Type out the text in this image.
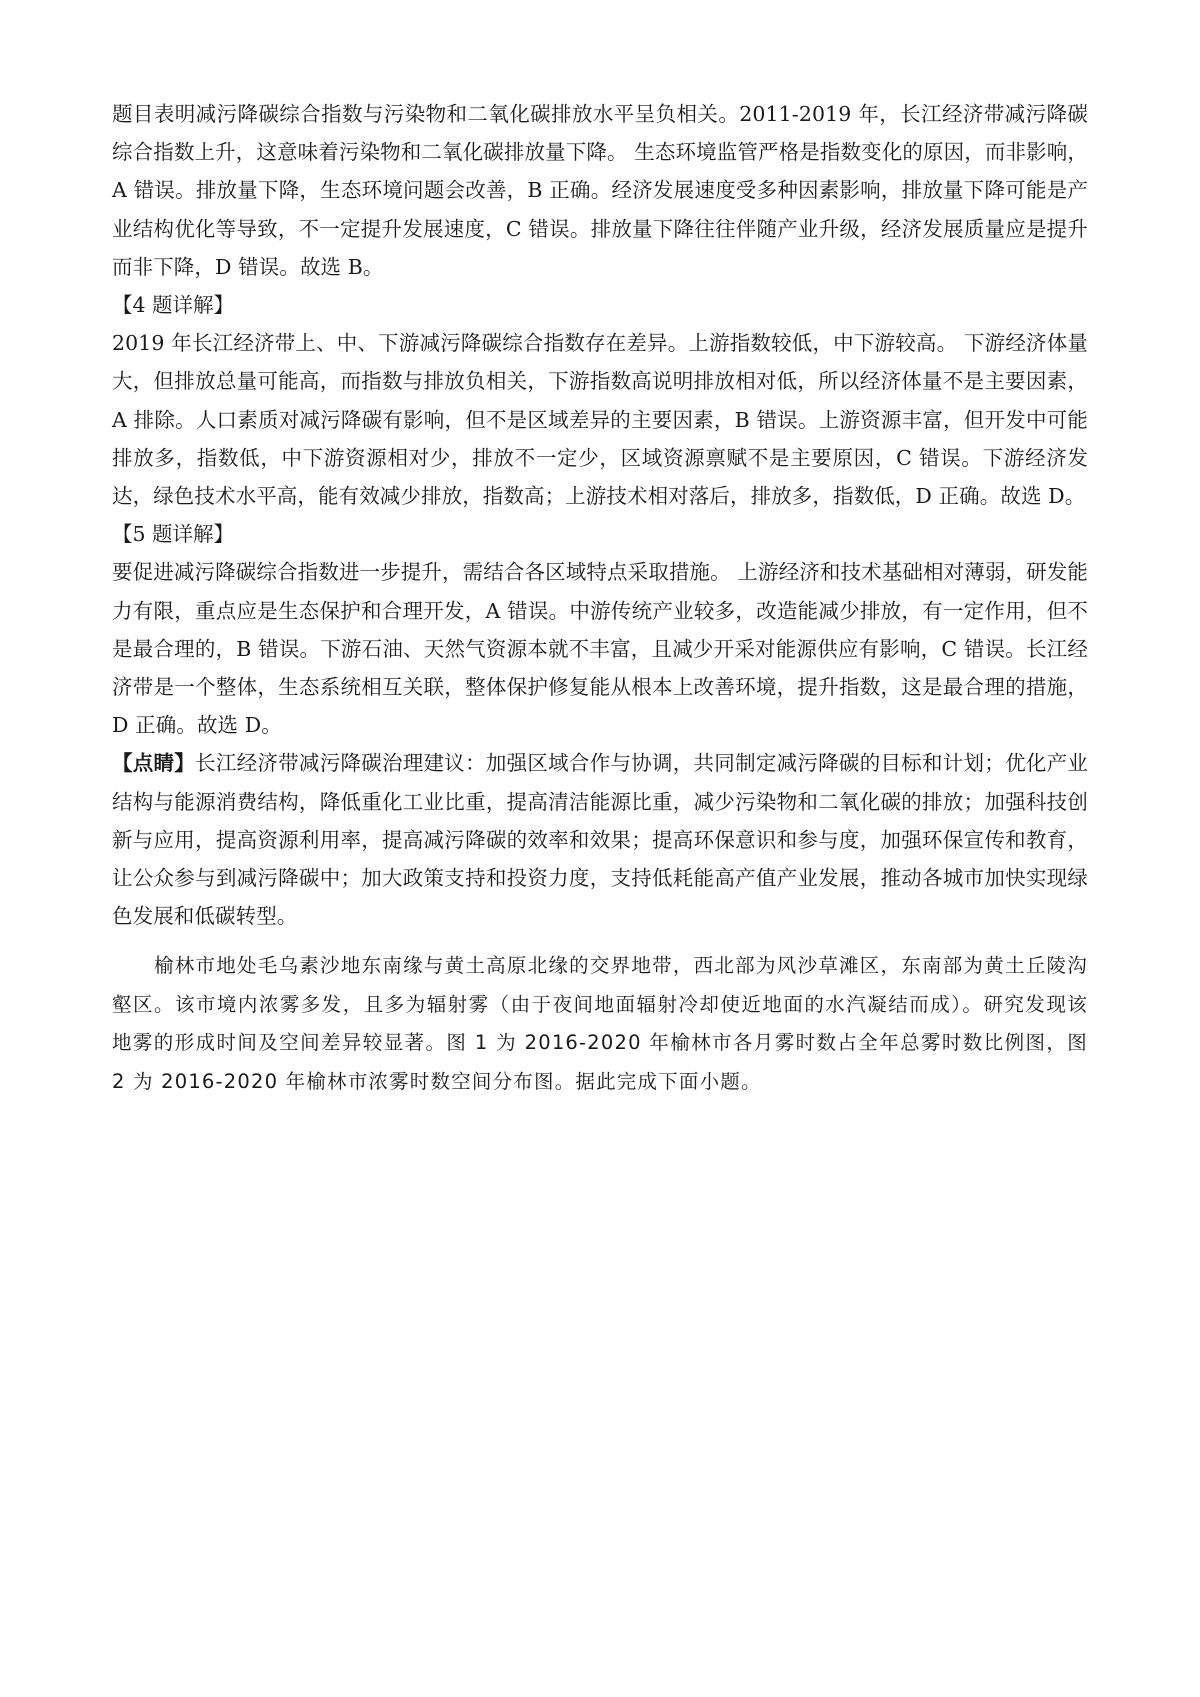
题目表明减污降碳综合指数与污染物和二氧化碳排放水平呈负相关。2011-2019 年，长江经济带减污降碳综合指数上升，这意味着污染物和二氧化碳排放量下降。 生态环境监管严格是指数变化的原因，而非影响，A 错误。排放量下降，生态环境问题会改善，B 正确。经济发展速度受多种因素影响，排放量下降可能是产业结构优化等导致，不一定提升发展速度，C 错误。排放量下降往往伴随产业升级，经济发展质量应是提升而非下降，D 错误。故选 B。

【4 题详解】

2019 年长江经济带上、中、下游减污降碳综合指数存在差异。上游指数较低，中下游较高。 下游经济体量大，但排放总量可能高，而指数与排放负相关，下游指数高说明排放相对低，所以经济体量不是主要因素，A 排除。人口素质对减污降碳有影响，但不是区域差异的主要因素，B 错误。上游资源丰富，但开发中可能排放多，指数低，中下游资源相对少，排放不一定少，区域资源禀赋不是主要原因，C 错误。下游经济发达，绿色技术水平高，能有效减少排放，指数高；上游技术相对落后，排放多，指数低，D 正确。故选 D。

【5 题详解】

要促进减污降碳综合指数进一步提升，需结合各区域特点采取措施。 上游经济和技术基础相对薄弱，研发能力有限，重点应是生态保护和合理开发，A 错误。中游传统产业较多，改造能减少排放，有一定作用，但不是最合理的，B 错误。下游石油、天然气资源本就不丰富，且减少开采对能源供应有影响，C 错误。长江经济带是一个整体，生态系统相互关联，整体保护修复能从根本上改善环境，提升指数，这是最合理的措施，D 正确。故选 D。

【点睛】长江经济带减污降碳治理建议：加强区域合作与协调，共同制定减污降碳的目标和计划；优化产业结构与能源消费结构，降低重化工业比重，提高清洁能源比重，减少污染物和二氧化碳的排放；加强科技创新与应用，提高资源利用率，提高减污降碳的效率和效果；提高环保意识和参与度，加强环保宣传和教育，让公众参与到减污降碳中；加大政策支持和投资力度，支持低耗能高产值产业发展，推动各城市加快实现绿色发展和低碳转型。

榆林市地处毛乌素沙地东南缘与黄土高原北缘的交界地带，西北部为风沙草滩区，东南部为黄土丘陵沟壑区。该市境内浓雾多发，且多为辐射雾（由于夜间地面辐射冷却使近地面的水汽凝结而成）。研究发现该地雾的形成时间及空间差异较显著。图 1 为 2016-2020 年榆林市各月雾时数占全年总雾时数比例图，图 2 为 2016-2020 年榆林市浓雾时数空间分布图。据此完成下面小题。
